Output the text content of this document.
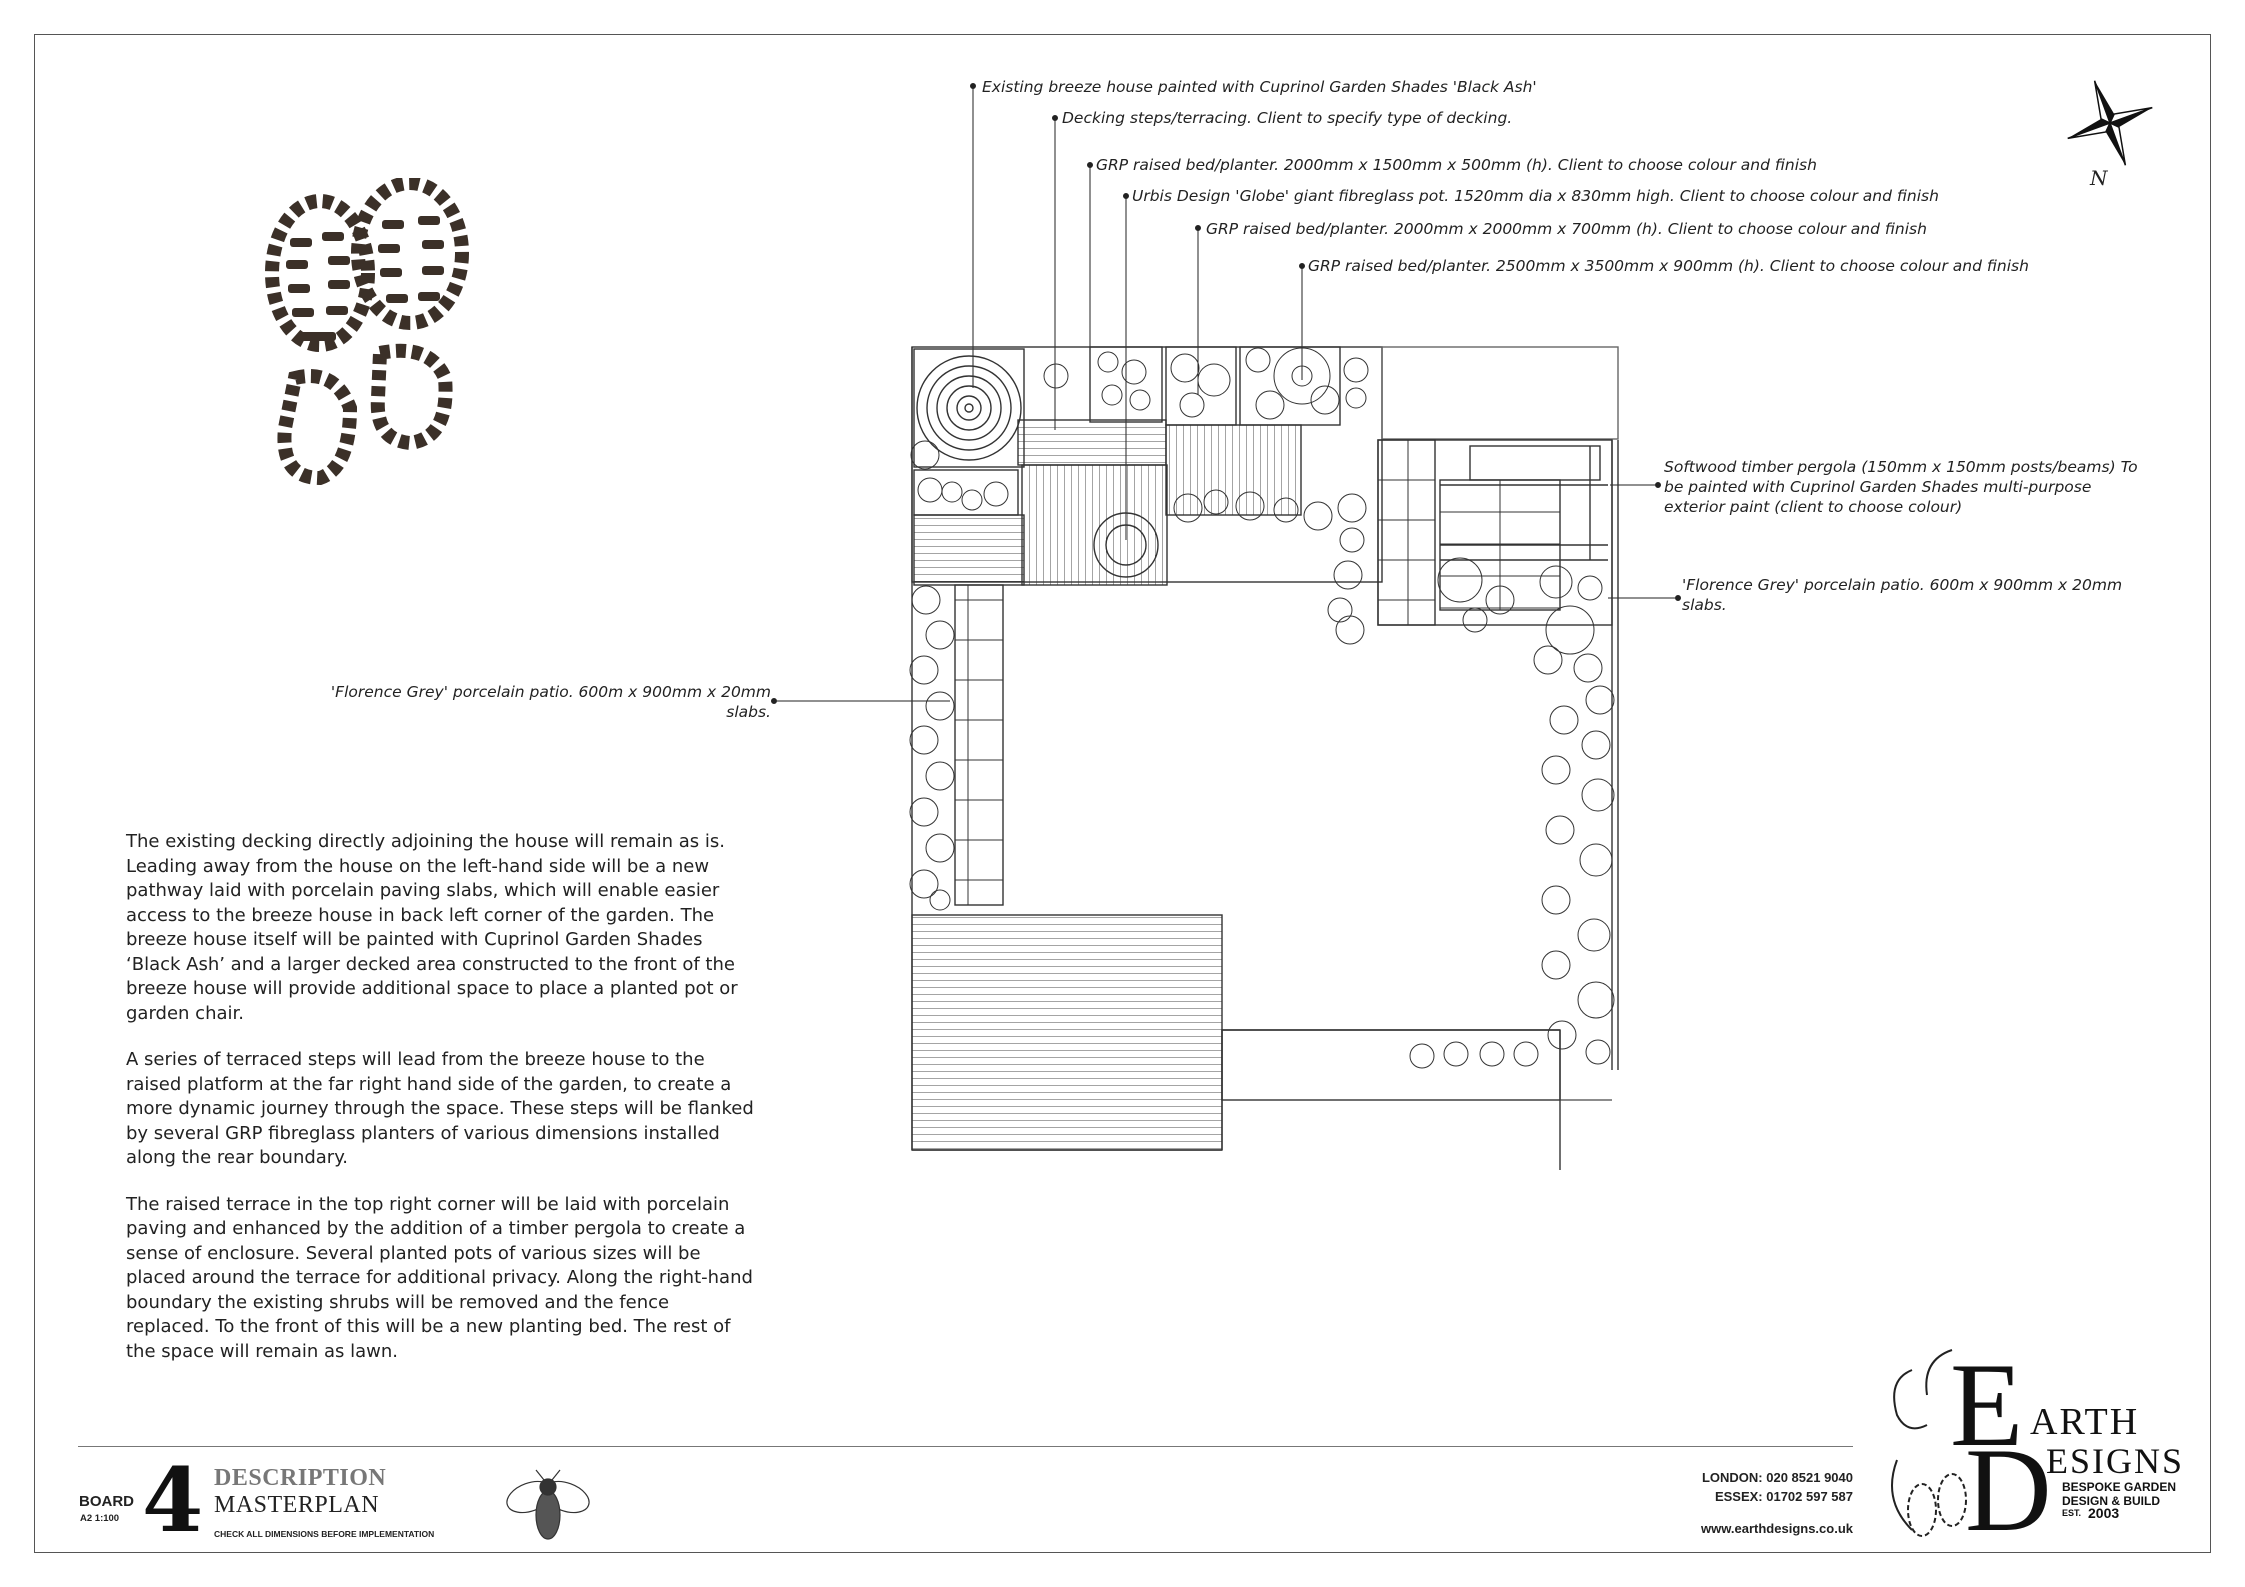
N
Existing breeze house painted with Cuprinol Garden Shades 'Black Ash'
Decking steps/terracing. Client to specify type of decking.
GRP raised bed/planter. 2000mm x 1500mm x 500mm (h). Client to choose colour and finish
Urbis Design 'Globe' giant fibreglass pot. 1520mm dia x 830mm high. Client to choose colour and finish
GRP raised bed/planter. 2000mm x 2000mm x 700mm (h). Client to choose colour and finish
GRP raised bed/planter. 2500mm x 3500mm x 900mm (h). Client to choose colour and finish
Softwood timber pergola (150mm x 150mm posts/beams) To be painted with Cuprinol Garden Shades multi-purpose exterior paint (client to choose colour)
'Florence Grey' porcelain patio. 600m x 900mm x 20mm slabs.
'Florence Grey' porcelain patio. 600m x 900mm x 20mm slabs.

The existing decking directly adjoining the house will remain as is. Leading away from the house on the left-hand side will be a new pathway laid with porcelain paving slabs, which will enable easier access to the breeze house in back left corner of the garden. The breeze house itself will be painted with Cuprinol Garden Shades ‘Black Ash’ and a larger decked area constructed to the front of the breeze house will provide additional space to place a planted pot or garden chair.

A series of terraced steps will lead from the breeze house to the raised platform at the far right hand side of the garden, to create a more dynamic journey through the space. These steps will be flanked by several GRP fibreglass planters of various dimensions installed along the rear boundary.

The raised terrace in the top right corner will be laid with porcelain paving and enhanced by the addition of a timber pergola to create a sense of enclosure. Several planted pots of various sizes will be placed around the terrace for additional privacy. Along the right-hand boundary the existing shrubs will be removed and the fence replaced. To the front of this will be a new planting bed. The rest of the space will remain as lawn.

BOARD
A2 1:100 4 DESCRIPTION
MASTERPLAN
CHECK ALL DIMENSIONS BEFORE IMPLEMENTATION
LONDON: 020 8521 9040
ESSEX: 01702 597 587
www.earthdesigns.co.uk
E ARTH
D
ESIGNS
BESPOKE GARDEN
DESIGN & BUILD
EST. 2003
